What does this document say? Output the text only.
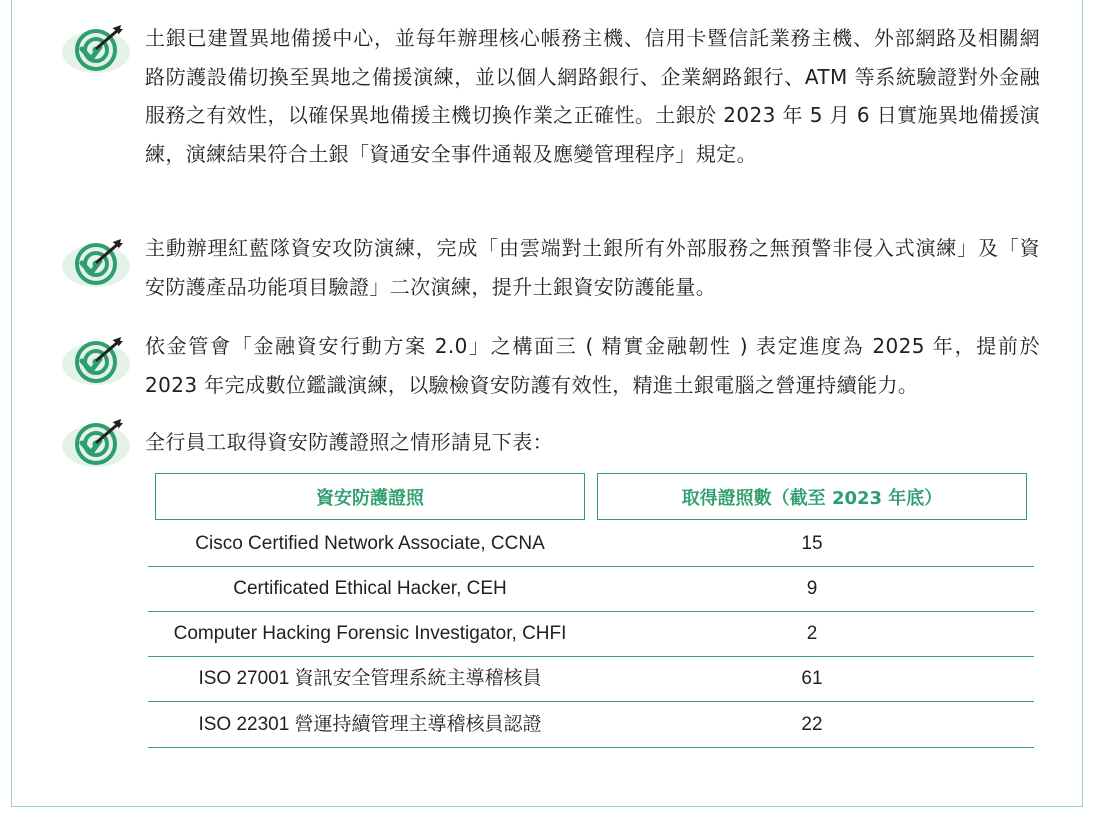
土銀已建置異地備援中心，並每年辦理核心帳務主機、信用卡暨信託業務主機、外部網路及相關網路防護設備切換至異地之備援演練，並以個人網路銀行、企業網路銀行、ATM 等系統驗證對外金融服務之有效性，以確保異地備援主機切換作業之正確性。土銀於 2023 年 5 月 6 日實施異地備援演練，演練結果符合土銀「資通安全事件通報及應變管理程序」規定。

主動辦理紅藍隊資安攻防演練，完成「由雲端對土銀所有外部服務之無預警非侵入式演練」及「資安防護產品功能項目驗證」二次演練，提升土銀資安防護能量。

依金管會「金融資安行動方案 2.0」之構面三 ( 精實金融韌性 ) 表定進度為 2025 年，提前於 2023 年完成數位鑑識演練，以驗檢資安防護有效性，精進土銀電腦之營運持續能力。

全行員工取得資安防護證照之情形請見下表：

資安防護證照	取得證照數（截至 2023 年底）
Cisco Certified Network Associate, CCNA	15
Certificated Ethical Hacker, CEH	9
Computer Hacking Forensic Investigator, CHFI	2
ISO 27001 資訊安全管理系統主導稽核員	61
ISO 22301 營運持續管理主導稽核員認證	22
